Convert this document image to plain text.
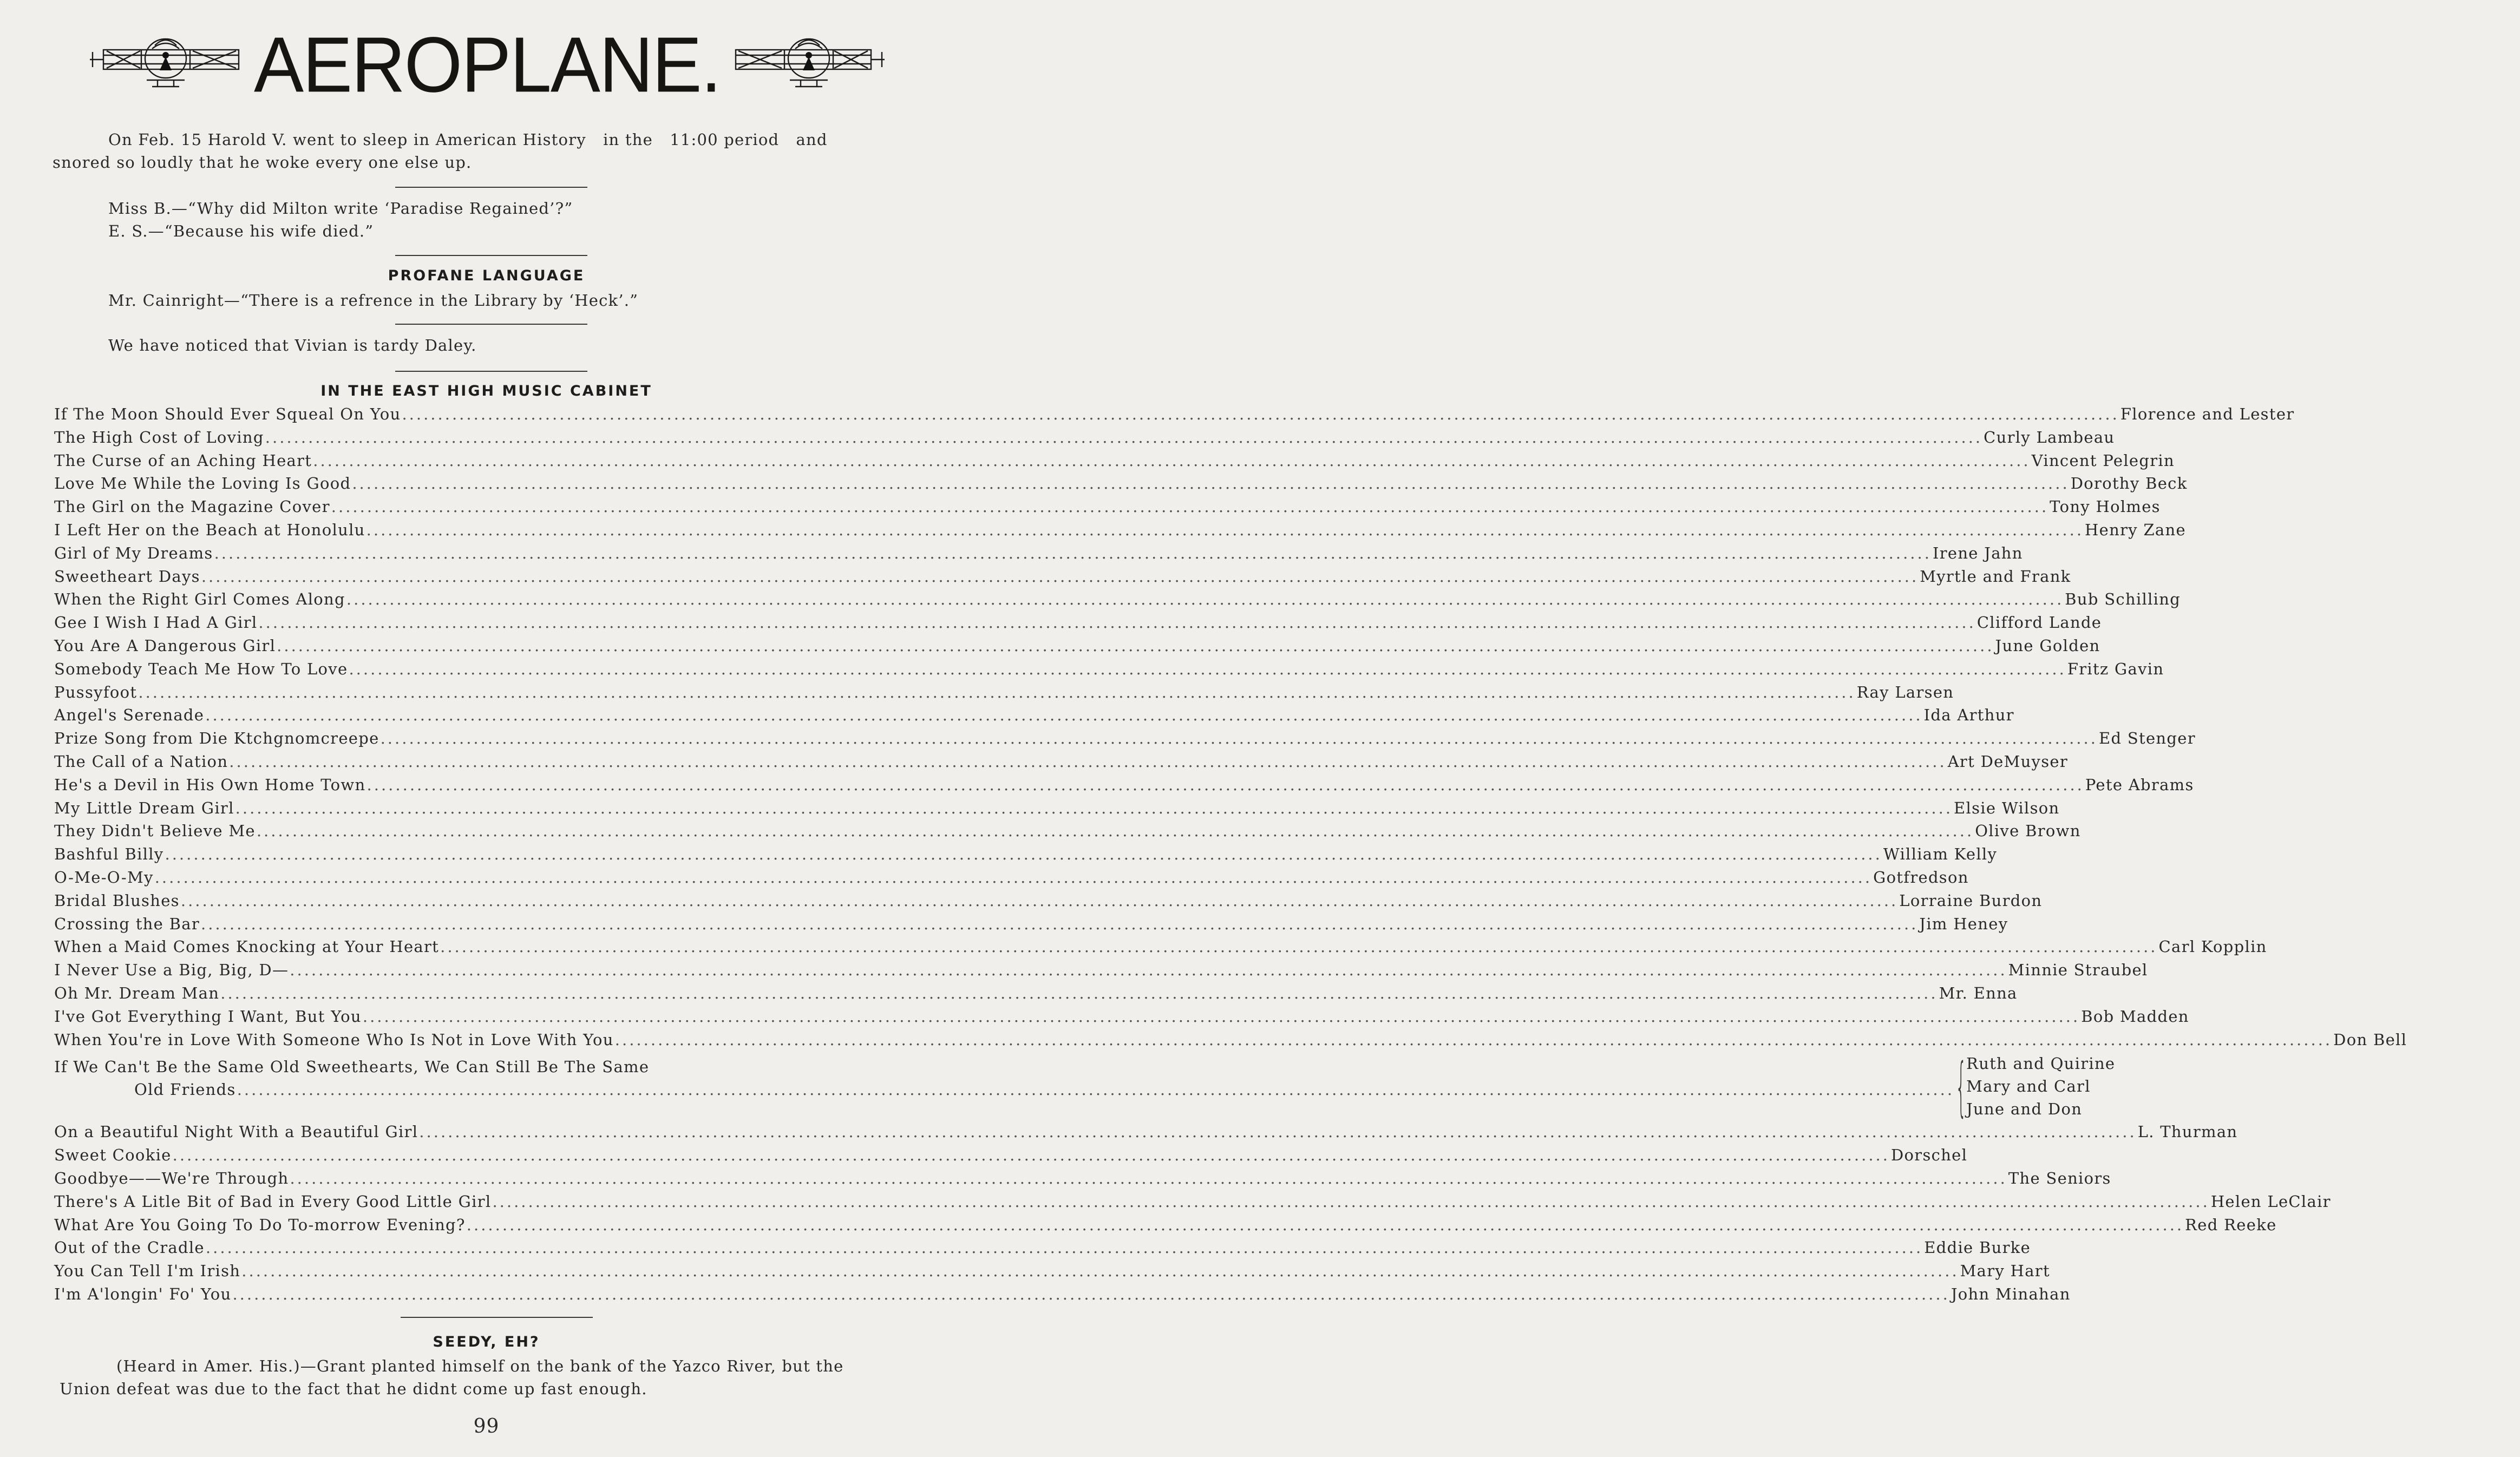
AEROPLANE.
On Feb. 15 Harold V. went to sleep in American History   in the   11:00 period   and
snored so loudly that he woke every one else up.
Miss B.—“Why did Milton write ‘Paradise Regained’?”
E. S.—“Because his wife died.”
PROFANE LANGUAGE
Mr. Cainright—“There is a refrence in the Library by ‘Heck’.”
We have noticed that Vivian is tardy Daley.
IN THE EAST HIGH MUSIC CABINET
If The Moon Should Ever Squeal On You .....	Florence and Lester
The High Cost of Loving .....	Curly Lambeau
The Curse of an Aching Heart .....	Vincent Pelegrin
Love Me While the Loving Is Good .....	Dorothy Beck
The Girl on the Magazine Cover .....	Tony Holmes
I Left Her on the Beach at Honolulu .....	Henry Zane
Girl of My Dreams .....	Irene Jahn
Sweetheart Days .....	Myrtle and Frank
When the Right Girl Comes Along .....	Bub Schilling
Gee I Wish I Had A Girl .....	Clifford Lande
You Are A Dangerous Girl .....	June Golden
Somebody Teach Me How To Love .....	Fritz Gavin
Pussyfoot .....	Ray Larsen
Angel's Serenade .....	Ida Arthur
Prize Song from Die Ktchgnomcreepe .....	Ed Stenger
The Call of a Nation .....	Art DeMuyser
He's a Devil in His Own Home Town .....	Pete Abrams
My Little Dream Girl .....	Elsie Wilson
They Didn't Believe Me .....	Olive Brown
Bashful Billy .....	William Kelly
O-Me-O-My .....	Gotfredson
Bridal Blushes .....	Lorraine Burdon
Crossing the Bar .....	Jim Heney
When a Maid Comes Knocking at Your Heart .....	Carl Kopplin
I Never Use a Big, Big, D— .....	Minnie Straubel
Oh Mr. Dream Man .....	Mr. Enna
I've Got Everything I Want, But You .....	Bob Madden
When You're in Love With Someone Who Is Not in Love With You .....	Don Bell
If We Can't Be the Same Old Sweethearts, We Can Still Be The Same
Old Friends .....	{
Ruth and Quirine
Mary and Carl
June and Don
On a Beautiful Night With a Beautiful Girl .....	L. Thurman
Sweet Cookie .....	Dorschel
Goodbye——We're Through .....	The Seniors
There's A Litle Bit of Bad in Every Good Little Girl .....	Helen LeClair
What Are You Going To Do To-morrow Evening? .....	Red Reeke
Out of the Cradle .....	Eddie Burke
You Can Tell I'm Irish .....	Mary Hart
I'm A'longin' Fo' You .....	John Minahan
SEEDY, EH?
(Heard in Amer. His.)—Grant planted himself on the bank of the Yazco River, but the
Union defeat was due to the fact that he didnt come up fast enough.
99
